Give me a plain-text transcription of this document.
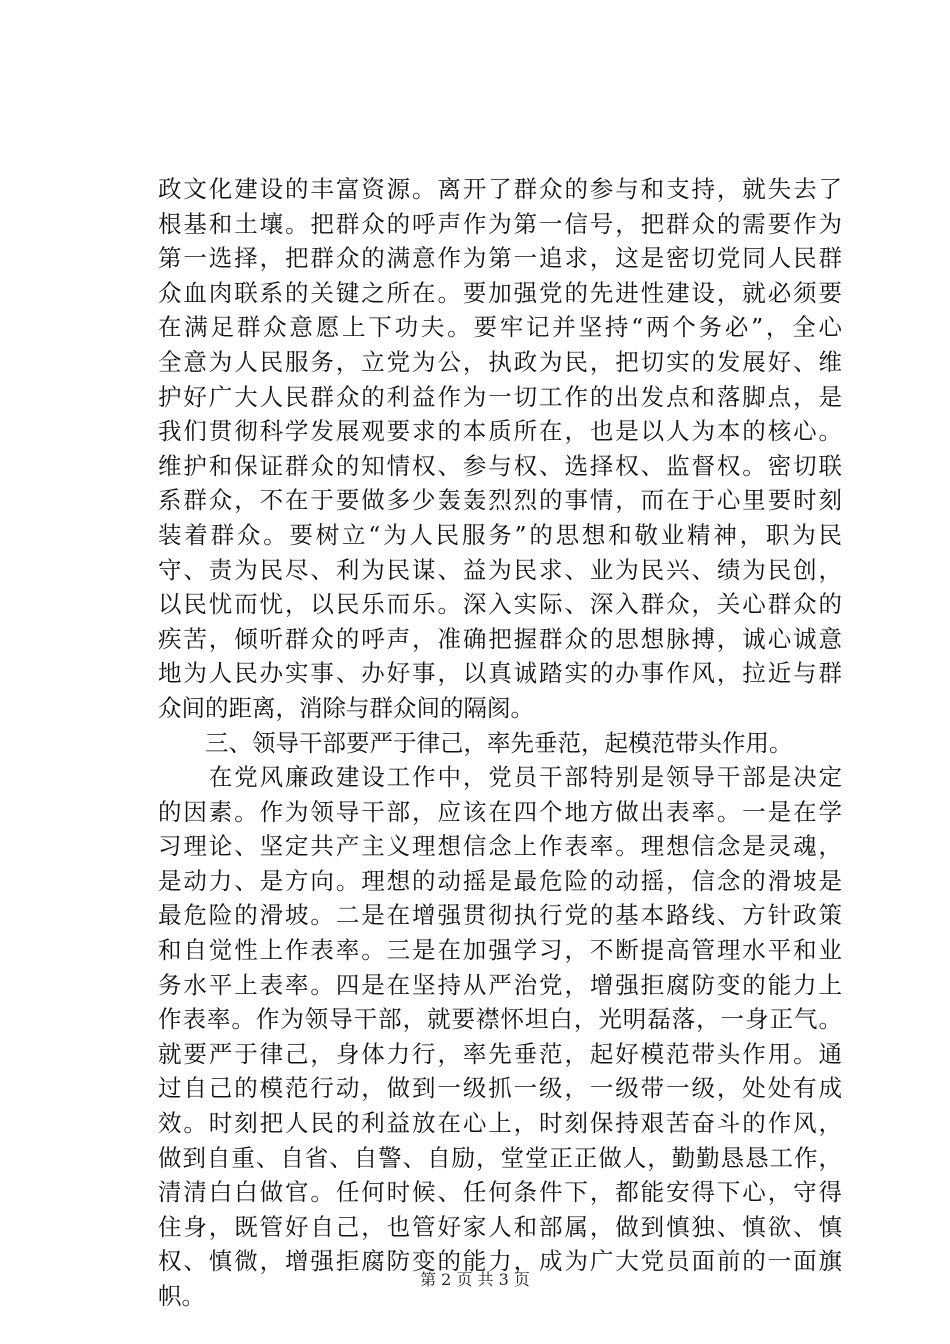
政文化建设的丰富资源。离开了群众的参与和支持，就失去了
根基和土壤。把群众的呼声作为第一信号，把群众的需要作为
第一选择，把群众的满意作为第一追求，这是密切党同人民群
众血肉联系的关键之所在。要加强党的先进性建设，就必须要
在满足群众意愿上下功夫。要牢记并坚持“两个务必”，全心
全意为人民服务，立党为公，执政为民，把切实的发展好、维
护好广大人民群众的利益作为一切工作的出发点和落脚点，是
我们贯彻科学发展观要求的本质所在，也是以人为本的核心。
维护和保证群众的知情权、参与权、选择权、监督权。密切联
系群众，不在于要做多少轰轰烈烈的事情，而在于心里要时刻
装着群众。要树立“为人民服务”的思想和敬业精神，职为民
守、责为民尽、利为民谋、益为民求、业为民兴、绩为民创，
以民忧而忧，以民乐而乐。深入实际、深入群众，关心群众的
疾苦，倾听群众的呼声，准确把握群众的思想脉搏，诚心诚意
地为人民办实事、办好事，以真诚踏实的办事作风，拉近与群
众间的距离，消除与群众间的隔阂。
　　三、领导干部要严于律己，率先垂范，起模范带头作用。
　　在党风廉政建设工作中，党员干部特别是领导干部是决定
的因素。作为领导干部，应该在四个地方做出表率。一是在学
习理论、坚定共产主义理想信念上作表率。理想信念是灵魂，
是动力、是方向。理想的动摇是最危险的动摇，信念的滑坡是
最危险的滑坡。二是在增强贯彻执行党的基本路线、方针政策
和自觉性上作表率。三是在加强学习，不断提高管理水平和业
务水平上表率。四是在坚持从严治党，增强拒腐防变的能力上
作表率。作为领导干部，就要襟怀坦白，光明磊落，一身正气。
就要严于律己，身体力行，率先垂范，起好模范带头作用。通
过自己的模范行动，做到一级抓一级，一级带一级，处处有成
效。时刻把人民的利益放在心上，时刻保持艰苦奋斗的作风，
做到自重、自省、自警、自励，堂堂正正做人，勤勤恳恳工作，
清清白白做官。任何时候、任何条件下，都能安得下心，守得
住身，既管好自己，也管好家人和部属，做到慎独、慎欲、慎
权、慎微，增强拒腐防变的能力，成为广大党员面前的一面旗
帜。
第 2 页 共 3 页
